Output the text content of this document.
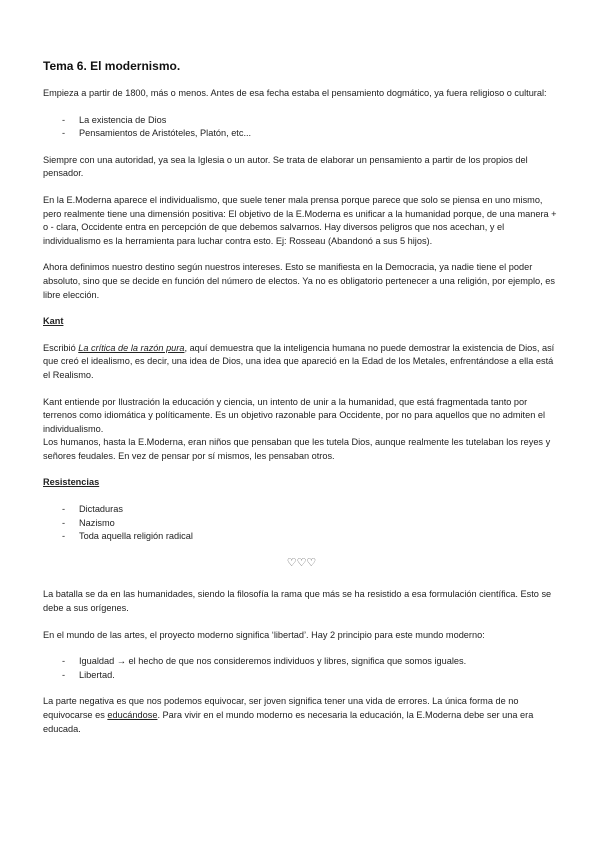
Tema 6. El modernismo.

Empieza a partir de 1800, más o menos. Antes de esa fecha estaba el pensamiento dogmático, ya fuera religioso o cultural:

- La existencia de Dios
- Pensamientos de Aristóteles, Platón, etc...

Siempre con una autoridad, ya sea la Iglesia o un autor. Se trata de elaborar un pensamiento a partir de los propios del pensador.

En la E.Moderna aparece el individualismo, que suele tener mala prensa porque parece que solo se piensa en uno mismo, pero realmente tiene una dimensión positiva: El objetivo de la E.Moderna es unificar a la humanidad porque, de una manera + o - clara, Occidente entra en percepción de que debemos salvarnos. Hay diversos peligros que nos acechan, y el individualismo es la herramienta para luchar contra esto. Ej: Rosseau (Abandonó a sus 5 hijos).

Ahora definimos nuestro destino según nuestros intereses. Esto se manifiesta en la Democracia, ya nadie tiene el poder absoluto, sino que se decide en función del número de electos. Ya no es obligatorio pertenecer a una religión, por ejemplo, es libre elección.

Kant

Escribió La crítica de la razón pura, aquí demuestra que la inteligencia humana no puede demostrar la existencia de Dios, así que creó el idealismo, es decir, una idea de Dios, una idea que apareció en la Edad de los Metales, enfrentándose a ella está el Realismo.

Kant entiende por Ilustración la educación y ciencia, un intento de unir a la humanidad, que está fragmentada tanto por terrenos como idiomática y políticamente. Es un objetivo razonable para Occidente, por no para aquellos que no admiten el individualismo.

Los humanos, hasta la E.Moderna, eran niños que pensaban que les tutela Dios, aunque realmente les tutelaban los reyes y señores feudales. En vez de pensar por sí mismos, les pensaban otros.

Resistencias
- Dictaduras
- Nazismo
- Toda aquella religión radical
♡♡♡

La batalla se da en las humanidades, siendo la filosofía la rama que más se ha resistido a esa formulación científica. Esto se debe a sus orígenes.

En el mundo de las artes, el proyecto moderno significa ‘libertad’. Hay 2 principio para este mundo moderno:

- Igualdad → el hecho de que nos consideremos individuos y libres, significa que somos iguales.
- Libertad.

La parte negativa es que nos podemos equivocar, ser joven significa tener una vida de errores. La única forma de no equivocarse es educándose. Para vivir en el mundo moderno es necesaria la educación, la E.Moderna debe ser una era educada.
